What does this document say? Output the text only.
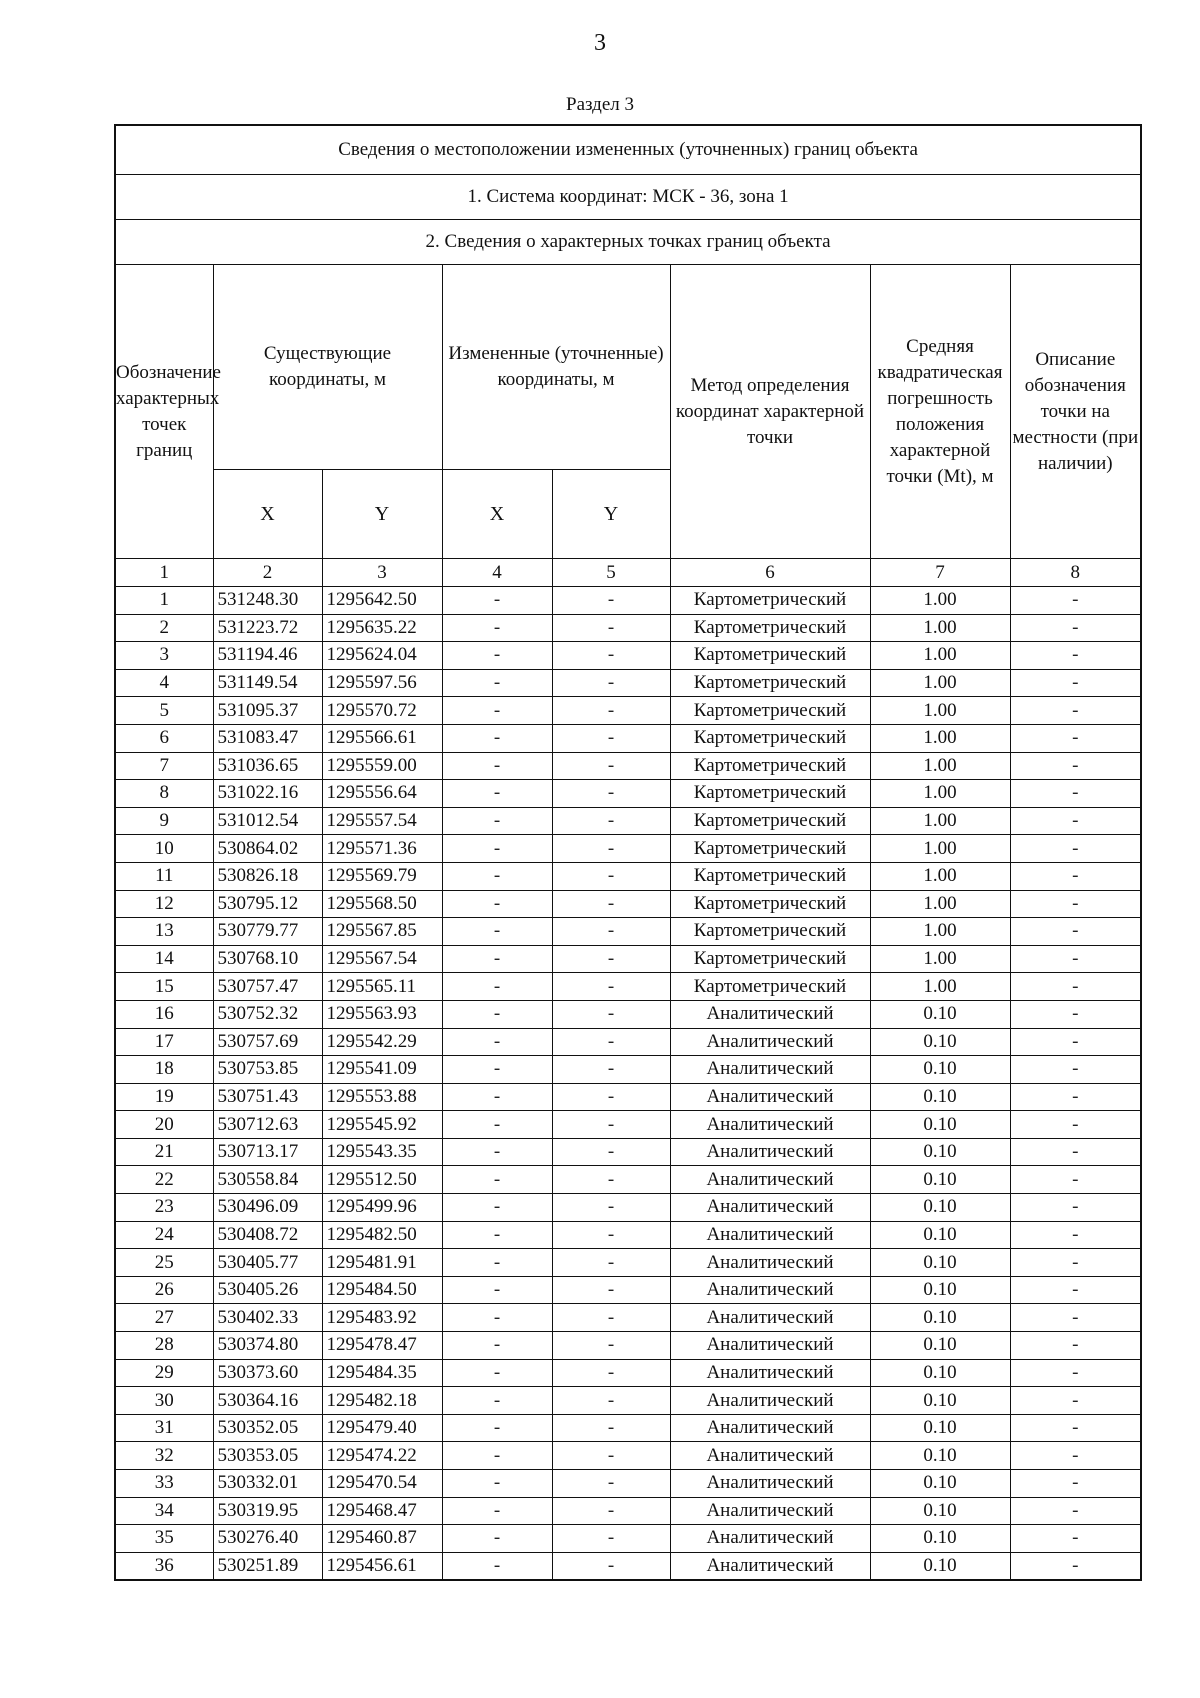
3
Раздел 3
Сведения о местоположении измененных (уточненных) границ объекта							
1. Система координат: МСК - 36, зона 1							
2. Сведения о характерных точках границ объекта							
Обозначение характерных точек границ	Существующие координаты, м		Измененные (уточненные) координаты, м		Метод определения координат характерной точки	Средняя квадратическая погрешность положения характерной точки (Mt), м	Описание обозначения точки на местности (при наличии)
	X	Y	X	Y			
1	2	3	4	5	6	7	8
1	531248.30	1295642.50	-	-	Картометрический	1.00	-
2	531223.72	1295635.22	-	-	Картометрический	1.00	-
3	531194.46	1295624.04	-	-	Картометрический	1.00	-
4	531149.54	1295597.56	-	-	Картометрический	1.00	-
5	531095.37	1295570.72	-	-	Картометрический	1.00	-
6	531083.47	1295566.61	-	-	Картометрический	1.00	-
7	531036.65	1295559.00	-	-	Картометрический	1.00	-
8	531022.16	1295556.64	-	-	Картометрический	1.00	-
9	531012.54	1295557.54	-	-	Картометрический	1.00	-
10	530864.02	1295571.36	-	-	Картометрический	1.00	-
11	530826.18	1295569.79	-	-	Картометрический	1.00	-
12	530795.12	1295568.50	-	-	Картометрический	1.00	-
13	530779.77	1295567.85	-	-	Картометрический	1.00	-
14	530768.10	1295567.54	-	-	Картометрический	1.00	-
15	530757.47	1295565.11	-	-	Картометрический	1.00	-
16	530752.32	1295563.93	-	-	Аналитический	0.10	-
17	530757.69	1295542.29	-	-	Аналитический	0.10	-
18	530753.85	1295541.09	-	-	Аналитический	0.10	-
19	530751.43	1295553.88	-	-	Аналитический	0.10	-
20	530712.63	1295545.92	-	-	Аналитический	0.10	-
21	530713.17	1295543.35	-	-	Аналитический	0.10	-
22	530558.84	1295512.50	-	-	Аналитический	0.10	-
23	530496.09	1295499.96	-	-	Аналитический	0.10	-
24	530408.72	1295482.50	-	-	Аналитический	0.10	-
25	530405.77	1295481.91	-	-	Аналитический	0.10	-
26	530405.26	1295484.50	-	-	Аналитический	0.10	-
27	530402.33	1295483.92	-	-	Аналитический	0.10	-
28	530374.80	1295478.47	-	-	Аналитический	0.10	-
29	530373.60	1295484.35	-	-	Аналитический	0.10	-
30	530364.16	1295482.18	-	-	Аналитический	0.10	-
31	530352.05	1295479.40	-	-	Аналитический	0.10	-
32	530353.05	1295474.22	-	-	Аналитический	0.10	-
33	530332.01	1295470.54	-	-	Аналитический	0.10	-
34	530319.95	1295468.47	-	-	Аналитический	0.10	-
35	530276.40	1295460.87	-	-	Аналитический	0.10	-
36	530251.89	1295456.61	-	-	Аналитический	0.10	-
